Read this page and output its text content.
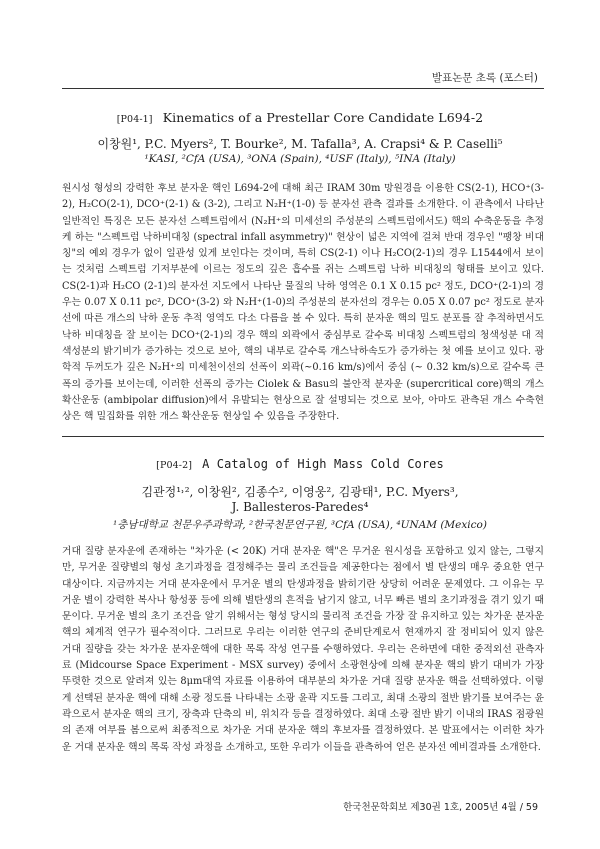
발표논문 초록 (포스터)
[P04-1] Kinematics of a Prestellar Core Candidate L694-2
이창원¹, P.C. Myers², T. Bourke², M. Tafalla³, A. Crapsi⁴ & P. Caselli⁵
¹KASI, ²CfA (USA), ³ONA (Spain), ⁴USF (Italy), ⁵INA (Italy)
원시성 형성의 강력한 후보 분자운 핵인 L694-2에 대해 최근 IRAM 30m 망원경을 이용한 CS(2-1), HCO⁺(3-2), H₂CO(2-1), DCO⁺(2-1) & (3-2), 그리고 N₂H⁺(1-0) 등 분자선 관측 결과를 소개한다. 이 관측에서 나타난 일반적인 특징은 모든 분자선 스펙트럼에서 (N₂H⁺의 미세선의 주성분의 스펙트럼에서도) 핵의 수축운동을 추정케 하는 "스펙트럼 낙하비대칭 (spectral infall asymmetry)" 현상이 넓은 지역에 걸쳐 반대 경우인 "팽창 비대칭"의 예외 경우가 없이 일관성 있게 보인다는 것이며, 특히 CS(2-1) 이나 H₂CO(2-1)의 경우 L1544에서 보이는 것처럼 스펙트럼 기저부분에 이르는 정도의 깊은 흡수를 쥐는 스펙트럼 낙하 비대칭의 형태를 보이고 있다. CS(2-1)과 H₂CO (2-1)의 분자선 지도에서 나타난 물질의 낙하 영역은 0.1 X 0.15 pc² 정도, DCO⁺(2-1)의 경우는 0.07 X 0.11 pc², DCO⁺(3-2) 와 N₂H⁺(1-0)의 주성분의 분자선의 경우는 0.05 X 0.07 pc² 정도로 분자선에 따른 개스의 낙하 운동 추적 영역도 다소 다름을 볼 수 있다. 특히 분자운 핵의 밀도 분포를 잘 추적하면서도 낙하 비대칭을 잘 보이는 DCO⁺(2-1)의 경우 핵의 외곽에서 중심부로 갈수록 비대칭 스펙트럼의 청색성분 대 적색성분의 밝기비가 증가하는 것으로 보아, 핵의 내부로 갈수록 개스낙하속도가 증가하는 첫 예를 보이고 있다. 광학적 두꺼도가 깊은 N₂H⁺의 미세천이선의 선폭이 외곽(~0.16 km/s)에서 중심 (~ 0.32 km/s)으로 갈수록 큰 폭의 증가를 보이는데, 이러한 선폭의 증가는 Ciolek & Basu의 불안적 분자운 (supercritical core)핵의 개스확산운동 (ambipolar diffusion)에서 유발되는 현상으로 잘 설명되는 것으로 보아, 아마도 관측된 개스 수축현상은 핵 밀집화를 위한 개스 확산운동 현상일 수 있음을 주장한다.
[P04-2] A Catalog of High Mass Cold Cores
김관정¹˒², 이창원², 김종수², 이영웅², 김광태¹, P.C. Myers³,
J. Ballesteros-Paredes⁴
¹충남대학교 천문우주과학과, ²한국천문연구원, ³CfA (USA), ⁴UNAM (Mexico)
거대 질량 분자운에 존재하는 "차가운 (< 20K) 거대 분자운 핵"은 무거운 원시성을 포함하고 있지 않는, 그렇지만, 무거운 질량별의 형성 초기과정을 결정해주는 물리 조건들을 제공한다는 점에서 별 탄생의 매우 중요한 연구대상이다. 지금까지는 거대 분자운에서 무거운 별의 탄생과정을 밝히기란 상당히 어려운 문제였다. 그 이유는 무거운 별이 강력한 복사나 항성풍 등에 의해 별탄생의 흔적을 남기지 않고, 너무 빠른 별의 초기과정을 겪기 있기 때문이다. 무거운 별의 초기 조건을 알기 위해서는 형성 당시의 물리적 조건을 가장 잘 유지하고 있는 차가운 분자운 핵의 체계적 연구가 필수적이다. 그러므로 우리는 이러한 연구의 준비단계로서 현재까지 잘 정비되어 있지 않은 거대 질량을 갖는 차가운 분자운핵에 대한 목록 작성 연구를 수행하였다. 우리는 은하면에 대한 중적외선 관측자료 (Midcourse Space Experiment - MSX survey) 중에서 소광현상에 의해 분자운 핵의 밝기 대비가 가장 뚜렷한 것으로 알려져 있는 8μm대역 자료를 이용하여 대부분의 차가운 거대 질량 분자운 핵을 선택하였다. 이렇게 선택된 분자운 핵에 대해 소광 정도를 나타내는 소광 윤곽 지도를 그리고, 최대 소광의 절반 밝기를 보여주는 윤곽으로서 분자운 핵의 크기, 장축과 단축의 비, 위치각 등을 결정하였다. 최대 소광 절반 밝기 이내의 IRAS 점광원의 존재 여부를 봄으로써 최종적으로 차가운 거대 분자운 핵의 후보자를 결정하였다. 본 발표에서는 이러한 차가운 거대 분자운 핵의 목록 작성 과정을 소개하고, 또한 우리가 이들을 관측하여 얻은 분자선 예비결과를 소개한다.
한국천문학회보 제30권 1호, 2005년 4월 / 59
